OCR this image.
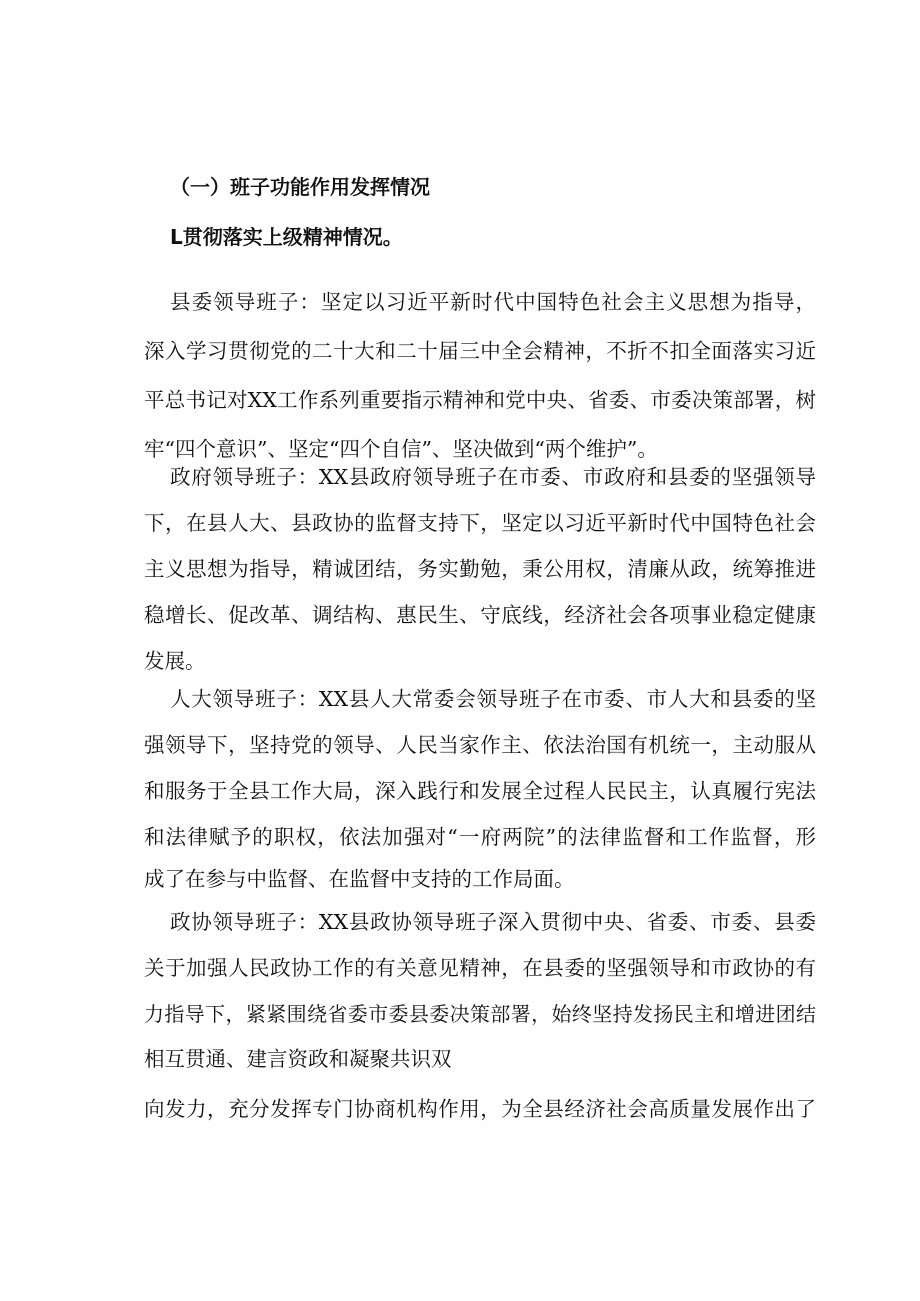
（一）班子功能作用发挥情况
L贯彻落实上级精神情况。
县委领导班子：坚定以习近平新时代中国特色社会主义思想为指导，
深入学习贯彻党的二十大和二十届三中全会精神，不折不扣全面落实习近
平总书记对XX工作系列重要指示精神和党中央、省委、市委决策部署，树
牢“四个意识”、坚定“四个自信”、坚决做到“两个维护”。
政府领导班子：XX县政府领导班子在市委、市政府和县委的坚强领导
下，在县人大、县政协的监督支持下，坚定以习近平新时代中国特色社会
主义思想为指导，精诚团结，务实勤勉，秉公用权，清廉从政，统筹推进
稳增长、促改革、调结构、惠民生、守底线，经济社会各项事业稳定健康
发展。
人大领导班子：XX县人大常委会领导班子在市委、市人大和县委的坚
强领导下，坚持党的领导、人民当家作主、依法治国有机统一，主动服从
和服务于全县工作大局，深入践行和发展全过程人民民主，认真履行宪法
和法律赋予的职权，依法加强对“一府两院”的法律监督和工作监督，形
成了在参与中监督、在监督中支持的工作局面。
政协领导班子：XX县政协领导班子深入贯彻中央、省委、市委、县委
关于加强人民政协工作的有关意见精神，在县委的坚强领导和市政协的有
力指导下，紧紧围绕省委市委县委决策部署，始终坚持发扬民主和增进团结
相互贯通、建言资政和凝聚共识双
向发力，充分发挥专门协商机构作用，为全县经济社会高质量发展作出了
